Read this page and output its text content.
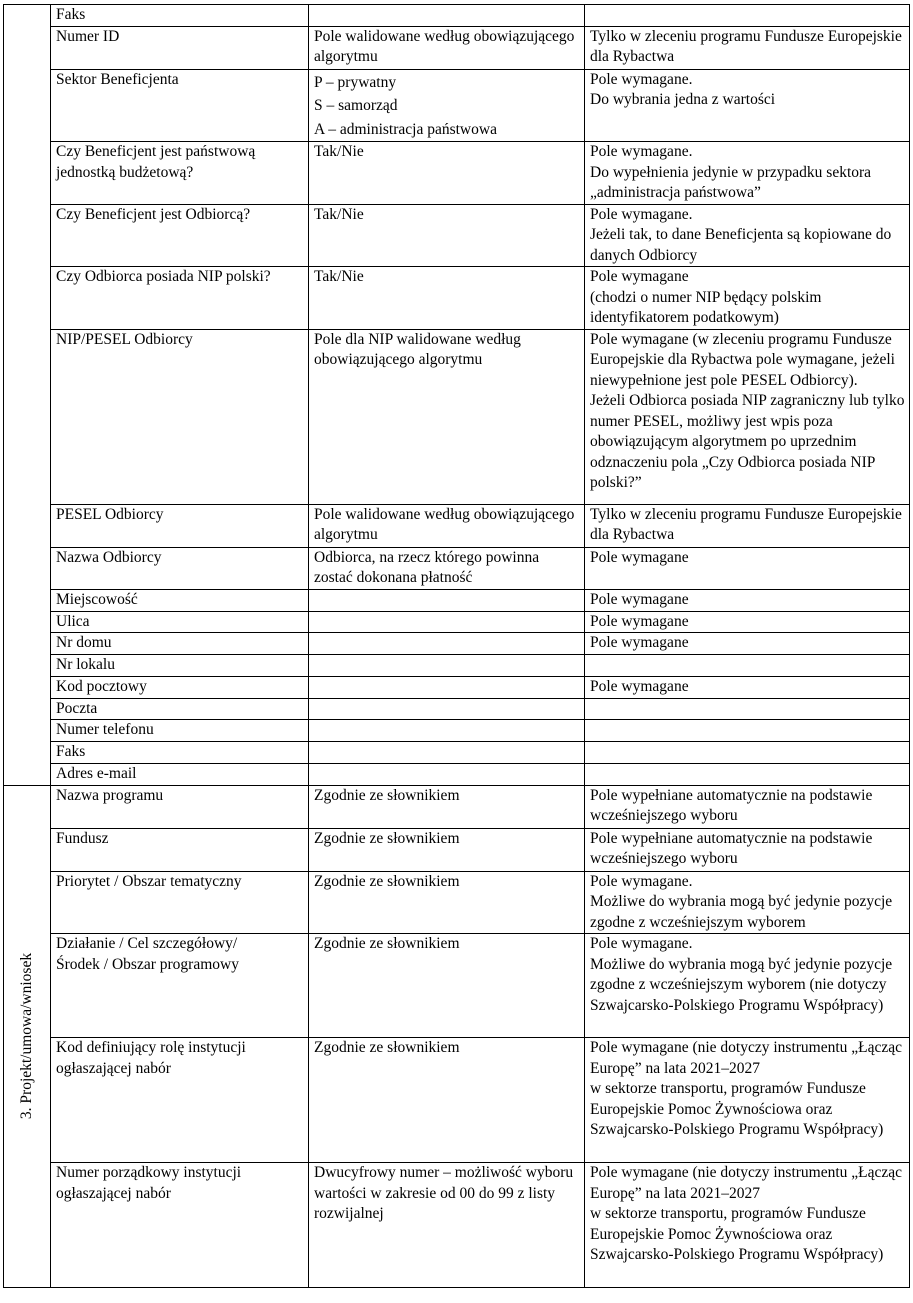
	Faks		
	Numer ID	Pole walidowane według obowiązującego algorytmu	Tylko w zleceniu programu Fundusze Europejskie dla Rybactwa
	Sektor Beneficjenta	P – prywatny
S – samorząd
A – administracja państwowa	Pole wymagane.
Do wybrania jedna z wartości
	Czy Beneficjent jest państwową jednostką budżetową?	Tak/Nie	Pole wymagane.
Do wypełnienia jedynie w przypadku sektora „administracja państwowa”
	Czy Beneficjent jest Odbiorcą?	Tak/Nie	Pole wymagane.
Jeżeli tak, to dane Beneficjenta są kopiowane do danych Odbiorcy
	Czy Odbiorca posiada NIP polski?	Tak/Nie	Pole wymagane
(chodzi o numer NIP będący polskim identyfikatorem podatkowym)
	NIP/PESEL Odbiorcy	Pole dla NIP walidowane według obowiązującego algorytmu	Pole wymagane (w zleceniu programu Fundusze Europejskie dla Rybactwa pole wymagane, jeżeli niewypełnione jest pole PESEL Odbiorcy).
Jeżeli Odbiorca posiada NIP zagraniczny lub tylko numer PESEL, możliwy jest wpis poza obowiązującym algorytmem po uprzednim odznaczeniu pola „Czy Odbiorca posiada NIP polski?”
	PESEL Odbiorcy	Pole walidowane według obowiązującego algorytmu	Tylko w zleceniu programu Fundusze Europejskie dla Rybactwa
	Nazwa Odbiorcy	Odbiorca, na rzecz którego powinna zostać dokonana płatność	Pole wymagane
	Miejscowość		Pole wymagane
	Ulica		Pole wymagane
	Nr domu		Pole wymagane
	Nr lokalu		
	Kod pocztowy		Pole wymagane
	Poczta		
	Numer telefonu		
	Faks		
	Adres e-mail		

3. Projekt/umowa/wniosek	Nazwa programu	Zgodnie ze słownikiem	Pole wypełniane automatycznie na podstawie wcześniejszego wyboru
	Fundusz	Zgodnie ze słownikiem	Pole wypełniane automatycznie na podstawie wcześniejszego wyboru
	Priorytet / Obszar tematyczny	Zgodnie ze słownikiem	Pole wymagane.
Możliwe do wybrania mogą być jedynie pozycje zgodne z wcześniejszym wyborem
	Działanie / Cel szczegółowy/
Środek / Obszar programowy	Zgodnie ze słownikiem	Pole wymagane.
Możliwe do wybrania mogą być jedynie pozycje zgodne z wcześniejszym wyborem (nie dotyczy Szwajcarsko-Polskiego Programu Współpracy)
	Kod definiujący rolę instytucji ogłaszającej nabór	Zgodnie ze słownikiem	Pole wymagane (nie dotyczy instrumentu „Łącząc Europę” na lata 2021–2027
w sektorze transportu, programów Fundusze Europejskie Pomoc Żywnościowa oraz Szwajcarsko-Polskiego Programu Współpracy)
	Numer porządkowy instytucji ogłaszającej nabór	Dwucyfrowy numer – możliwość wyboru wartości w zakresie od 00 do 99 z listy rozwijalnej	Pole wymagane (nie dotyczy instrumentu „Łącząc Europę” na lata 2021–2027
w sektorze transportu, programów Fundusze Europejskie Pomoc Żywnościowa oraz Szwajcarsko-Polskiego Programu Współpracy)
